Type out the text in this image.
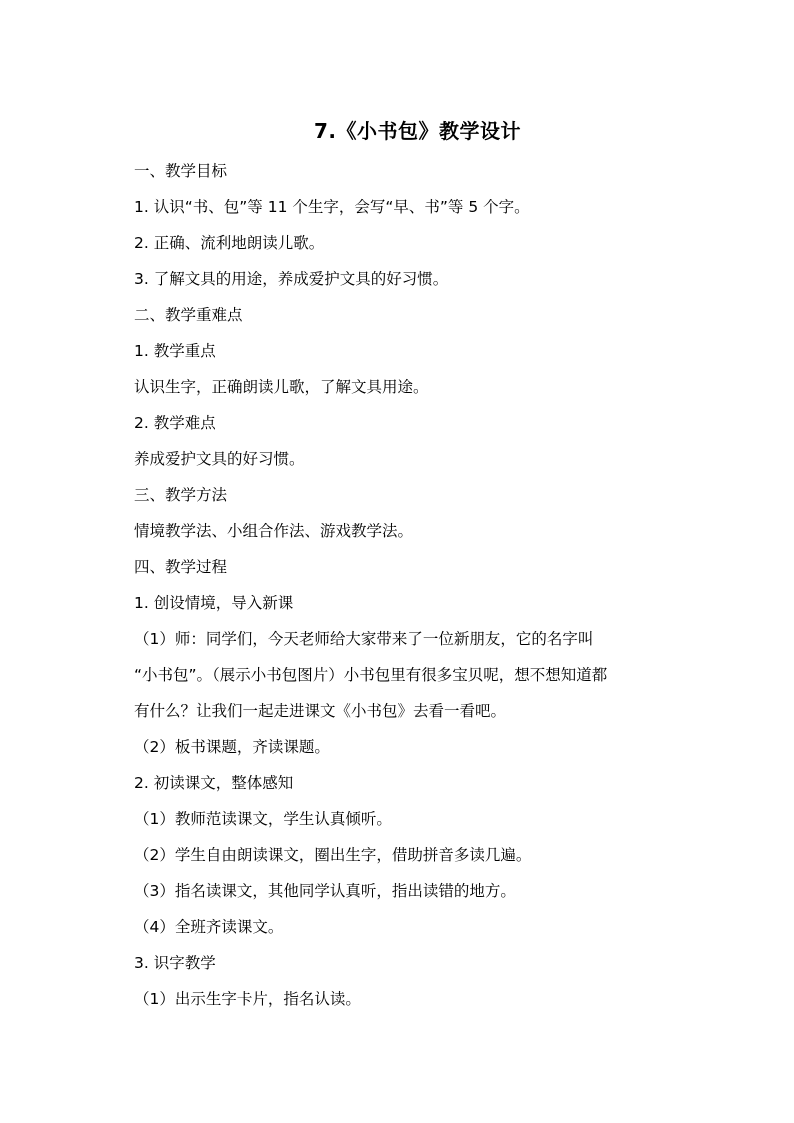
7.《小书包》教学设计
一、教学目标
1. 认识“书、包”等 11 个生字，会写“早、书”等 5 个字。
2. 正确、流利地朗读儿歌。
3. 了解文具的用途，养成爱护文具的好习惯。
二、教学重难点
1. 教学重点
认识生字，正确朗读儿歌，了解文具用途。
2. 教学难点
养成爱护文具的好习惯。
三、教学方法
情境教学法、小组合作法、游戏教学法。
四、教学过程
1. 创设情境，导入新课
（1）师：同学们，今天老师给大家带来了一位新朋友，它的名字叫
“小书包”。（展示小书包图片）小书包里有很多宝贝呢，想不想知道都
有什么？让我们一起走进课文《小书包》去看一看吧。
（2）板书课题，齐读课题。
2. 初读课文，整体感知
（1）教师范读课文，学生认真倾听。
（2）学生自由朗读课文，圈出生字，借助拼音多读几遍。
（3）指名读课文，其他同学认真听，指出读错的地方。
（4）全班齐读课文。
3. 识字教学
（1）出示生字卡片，指名认读。
